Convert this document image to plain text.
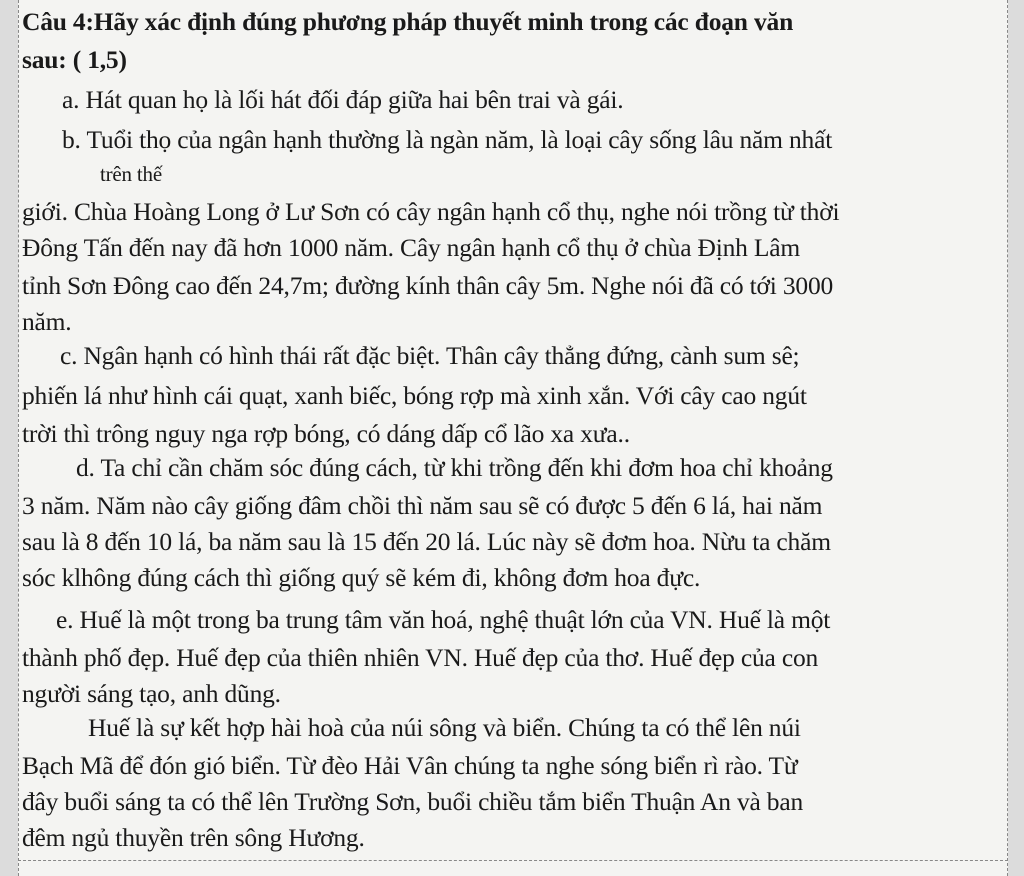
Câu 4:Hãy xác định đúng phương pháp thuyết minh trong các đoạn văn
sau: ( 1,5)
a. Hát quan họ là lối hát đối đáp giữa hai bên trai và gái.
b. Tuổi thọ của ngân hạnh thường là ngàn năm, là loại cây sống lâu năm nhất
trên thế
giới. Chùa Hoàng Long ở Lư Sơn có cây ngân hạnh cổ thụ, nghe nói trồng từ thời
Đông Tấn đến nay đã hơn 1000 năm. Cây ngân hạnh cổ thụ ở chùa Định Lâm
tỉnh Sơn Đông cao đến 24,7m; đường kính thân cây 5m. Nghe nói đã có tới 3000
năm.
c. Ngân hạnh có hình thái rất đặc biệt. Thân cây thẳng đứng, cành sum sê;
phiến lá như hình cái quạt, xanh biếc, bóng rợp mà xinh xắn. Với cây cao ngút
trời thì trông nguy nga rợp bóng, có dáng dấp cổ lão xa xưa..
d. Ta chỉ cần chăm sóc đúng cách, từ khi trồng đến khi đơm hoa chỉ khoảng
3 năm. Năm nào cây giống đâm chồi thì năm sau sẽ có được 5 đến 6 lá, hai năm
sau là 8 đến 10 lá, ba năm sau là 15 đến 20 lá. Lúc này sẽ đơm hoa. Nừu ta chăm
sóc klhông đúng cách thì giống quý sẽ kém đi, không đơm hoa đực.
e. Huế là một trong ba trung tâm văn hoá, nghệ thuật lớn của VN. Huế là một
thành phố đẹp. Huế đẹp của thiên nhiên VN. Huế đẹp của thơ. Huế đẹp của con
người sáng tạo, anh dũng.
Huế là sự kết hợp hài hoà của núi sông và biển. Chúng ta có thể lên núi
Bạch Mã để đón gió biển. Từ đèo Hải Vân chúng ta nghe sóng biển rì rào. Từ
đây buổi sáng ta có thể lên Trường Sơn, buổi chiều tắm biển Thuận An và ban
đêm ngủ thuyền trên sông Hương.
